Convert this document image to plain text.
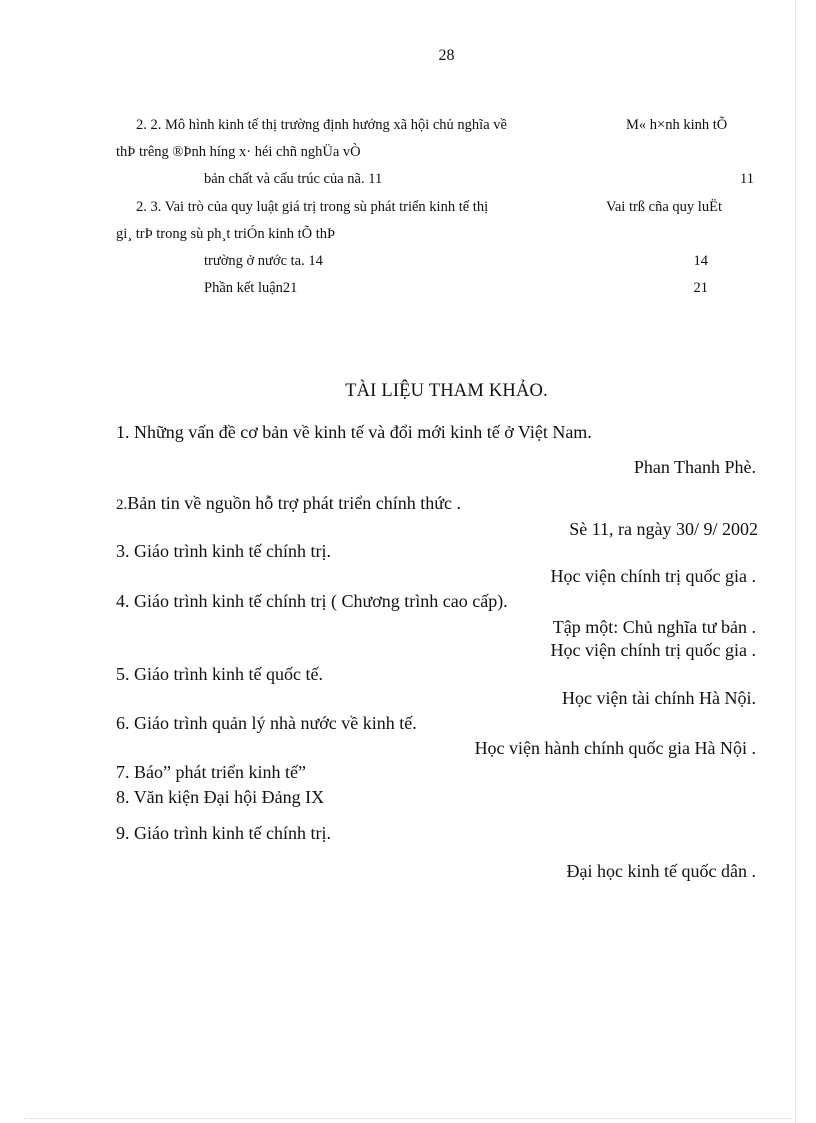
28
2. 2. Mô hình kinh tế thị trường định hướng xã hội chủ nghĩa về	M« h×nh kinh tÕ
thÞ trêng ®Þnh híng x· héi chñ nghÜa vÒ
bản chất và cấu trúc của nã. 11	11
2. 3. Vai trò của quy luật giá trị trong sù phát triển kinh tế thị	Vai trß cña quy luËt
gi¸ trÞ trong sù ph¸t triÓn kinh tÕ thÞ
trường ở nước ta. 14	14
Phần kết luận21	21
TÀI LIỆU THAM KHẢO.
1. Những vấn đề cơ bản về kinh tế và đổi mới kinh tế ở Việt Nam.
Phan Thanh Phè.
2.Bản tin về nguồn hỗ trợ phát triển chính thức .
Sè 11, ra ngày 30/ 9/ 2002
3. Giáo trình kinh tế chính trị.
Học viện chính trị quốc gia .
4. Giáo trình kinh tế chính trị ( Chương trình cao cấp).
Tập một: Chủ nghĩa tư bản .
Học viện chính trị quốc gia .
5. Giáo trình kinh tế quốc tế.
Học viện tài chính Hà Nội.
6. Giáo trình quản lý nhà nước về kinh tế.
Học viện hành chính quốc gia Hà Nội .
7. Báo” phát triển kinh tế”
8. Văn kiện Đại hội Đảng IX
9. Giáo trình kinh tế chính trị.
Đại học kinh tế quốc dân .
